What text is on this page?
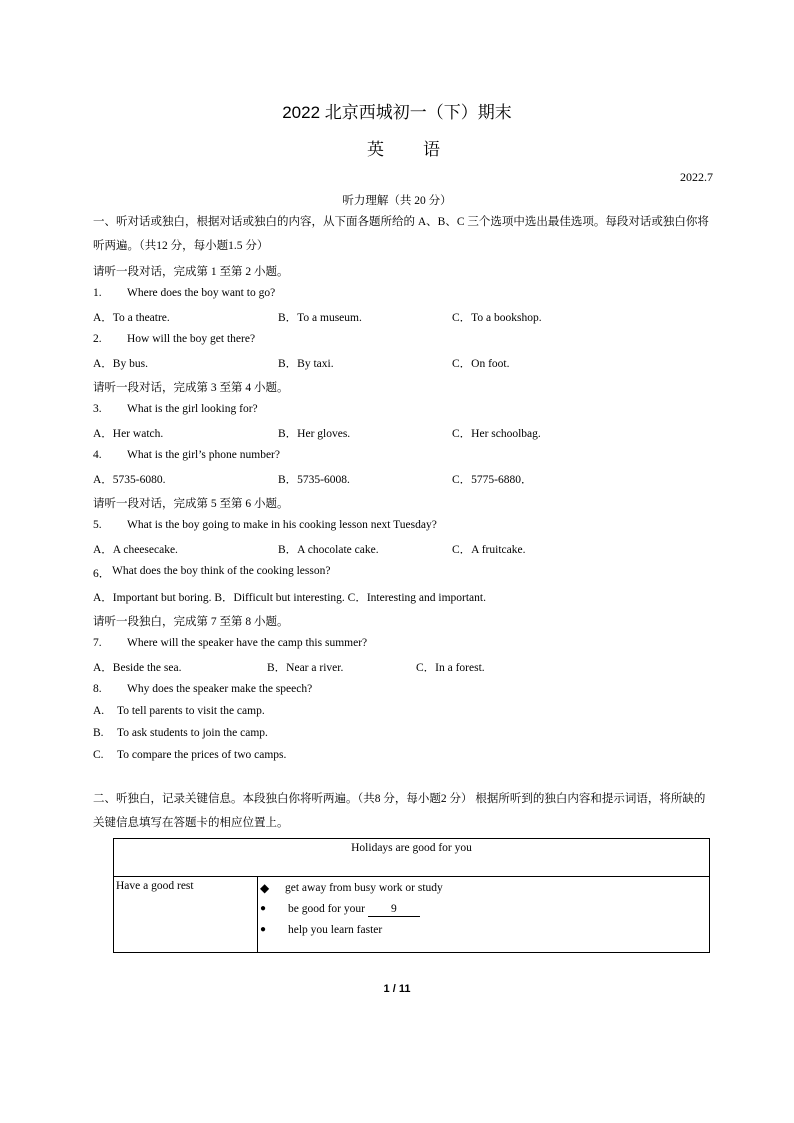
2022 北京西城初一（下）期末
英 语
2022.7
听力理解（共 20 分）
一、听对话或独白，根据对话或独白的内容，从下面各题所给的 A、B、C 三个选项中选出最佳选项。每段对话或独白你将听两遍。（共12 分，每小题1.5 分）
请听一段对话，完成第 1 至第 2 小题。
1. Where does the boy want to go?
A．To a theatre.	B．To a museum.	C．To a bookshop.
2. How will the boy get there?
A．By bus.	B．By taxi.	C．On foot.
请听一段对话，完成第 3 至第 4 小题。
3. What is the girl looking for?
A．Her watch.	B．Her gloves.	C．Her schoolbag.
4. What is the girl’s phone number?
A．5735-6080.	B．5735-6008.	C．5775-6880．
请听一段对话，完成第 5 至第 6 小题。
5. What is the boy going to make in his cooking lesson next Tuesday?
A．A cheesecake.	B．A chocolate cake.	C．A fruitcake.
6． What does the boy think of the cooking lesson?
A．Important but boring. B．Difficult but interesting. C．Interesting and important.
请听一段独白，完成第 7 至第 8 小题。
7. Where will the speaker have the camp this summer?
A．Beside the sea.	B．Near a river.	C．In a forest.
8. Why does the speaker make the speech?
A. To tell parents to visit the camp.
B. To ask students to join the camp.
C. To compare the prices of two camps.
二、听独白，记录关键信息。本段独白你将听两遍。（共8 分，每小题2 分） 根据所听到的独白内容和提示词语，将所缺的关键信息填写在答题卡的相应位置上。
Holidays are good for you
Have a good rest	◆ get away from busy work or study
● be good for your 9
● help you learn faster
1 / 11
